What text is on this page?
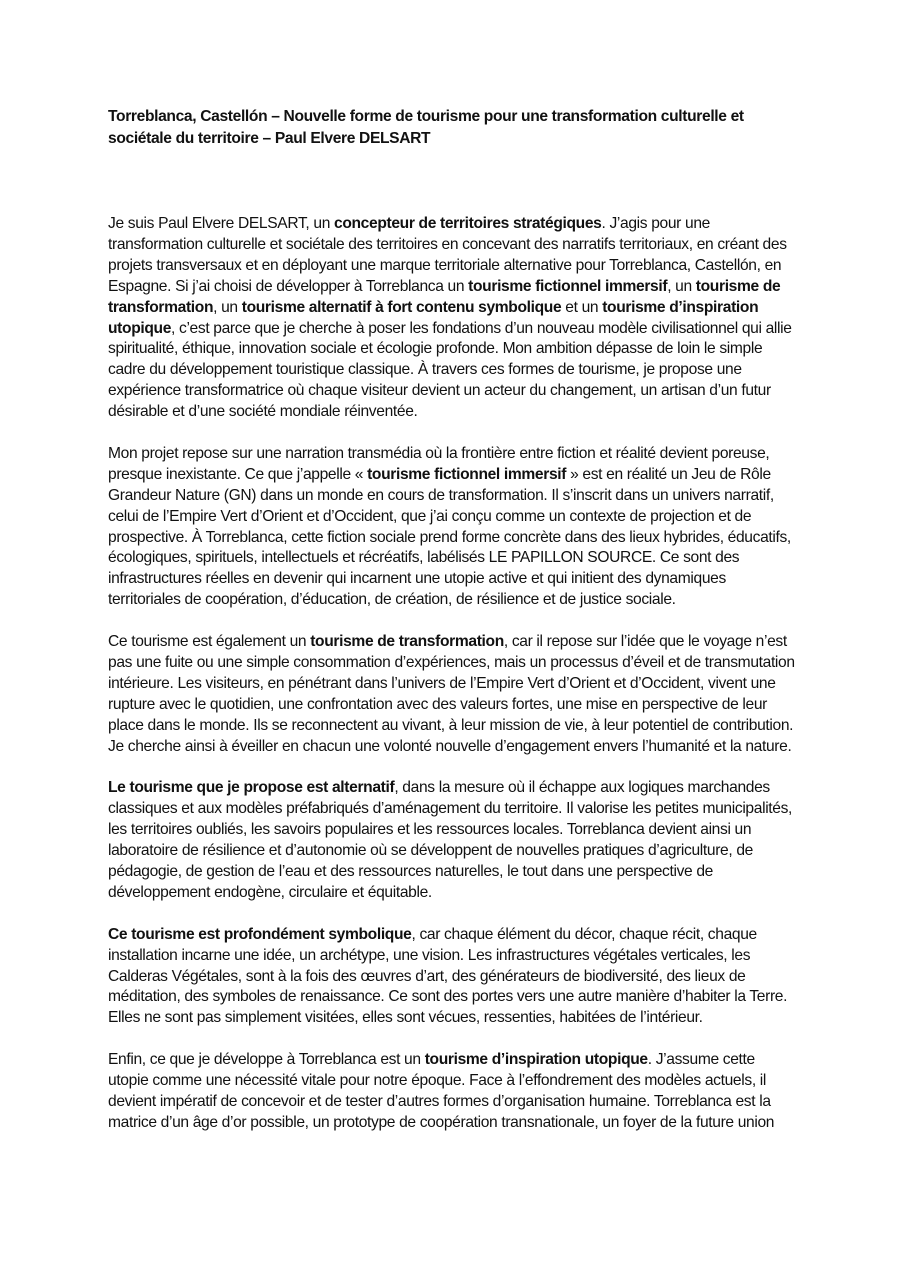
Torreblanca, Castellón – Nouvelle forme de tourisme pour une transformation culturelle et sociétale du territoire – Paul Elvere DELSART

Je suis Paul Elvere DELSART, un concepteur de territoires stratégiques. J’agis pour une transformation culturelle et sociétale des territoires en concevant des narratifs territoriaux, en créant des projets transversaux et en déployant une marque territoriale alternative pour Torreblanca, Castellón, en Espagne. Si j’ai choisi de développer à Torreblanca un tourisme fictionnel immersif, un tourisme de transformation, un tourisme alternatif à fort contenu symbolique et un tourisme d’inspiration utopique, c’est parce que je cherche à poser les fondations d’un nouveau modèle civilisationnel qui allie spiritualité, éthique, innovation sociale et écologie profonde. Mon ambition dépasse de loin le simple cadre du développement touristique classique. À travers ces formes de tourisme, je propose une expérience transformatrice où chaque visiteur devient un acteur du changement, un artisan d’un futur désirable et d’une société mondiale réinventée.

Mon projet repose sur une narration transmédia où la frontière entre fiction et réalité devient poreuse, presque inexistante. Ce que j’appelle « tourisme fictionnel immersif » est en réalité un Jeu de Rôle Grandeur Nature (GN) dans un monde en cours de transformation. Il s’inscrit dans un univers narratif, celui de l’Empire Vert d’Orient et d’Occident, que j’ai conçu comme un contexte de projection et de prospective. À Torreblanca, cette fiction sociale prend forme concrète dans des lieux hybrides, éducatifs, écologiques, spirituels, intellectuels et récréatifs, labélisés LE PAPILLON SOURCE. Ce sont des infrastructures réelles en devenir qui incarnent une utopie active et qui initient des dynamiques territoriales de coopération, d’éducation, de création, de résilience et de justice sociale.

Ce tourisme est également un tourisme de transformation, car il repose sur l’idée que le voyage n’est pas une fuite ou une simple consommation d’expériences, mais un processus d’éveil et de transmutation intérieure. Les visiteurs, en pénétrant dans l’univers de l’Empire Vert d’Orient et d’Occident, vivent une rupture avec le quotidien, une confrontation avec des valeurs fortes, une mise en perspective de leur place dans le monde. Ils se reconnectent au vivant, à leur mission de vie, à leur potentiel de contribution. Je cherche ainsi à éveiller en chacun une volonté nouvelle d’engagement envers l’humanité et la nature.

Le tourisme que je propose est alternatif, dans la mesure où il échappe aux logiques marchandes classiques et aux modèles préfabriqués d’aménagement du territoire. Il valorise les petites municipalités, les territoires oubliés, les savoirs populaires et les ressources locales. Torreblanca devient ainsi un laboratoire de résilience et d’autonomie où se développent de nouvelles pratiques d’agriculture, de pédagogie, de gestion de l’eau et des ressources naturelles, le tout dans une perspective de développement endogène, circulaire et équitable.

Ce tourisme est profondément symbolique, car chaque élément du décor, chaque récit, chaque installation incarne une idée, un archétype, une vision. Les infrastructures végétales verticales, les Calderas Végétales, sont à la fois des œuvres d’art, des générateurs de biodiversité, des lieux de méditation, des symboles de renaissance. Ce sont des portes vers une autre manière d’habiter la Terre. Elles ne sont pas simplement visitées, elles sont vécues, ressenties, habitées de l’intérieur.

Enfin, ce que je développe à Torreblanca est un tourisme d’inspiration utopique. J’assume cette utopie comme une nécessité vitale pour notre époque. Face à l’effondrement des modèles actuels, il devient impératif de concevoir et de tester d’autres formes d’organisation humaine. Torreblanca est la matrice d’un âge d’or possible, un prototype de coopération transnationale, un foyer de la future union
